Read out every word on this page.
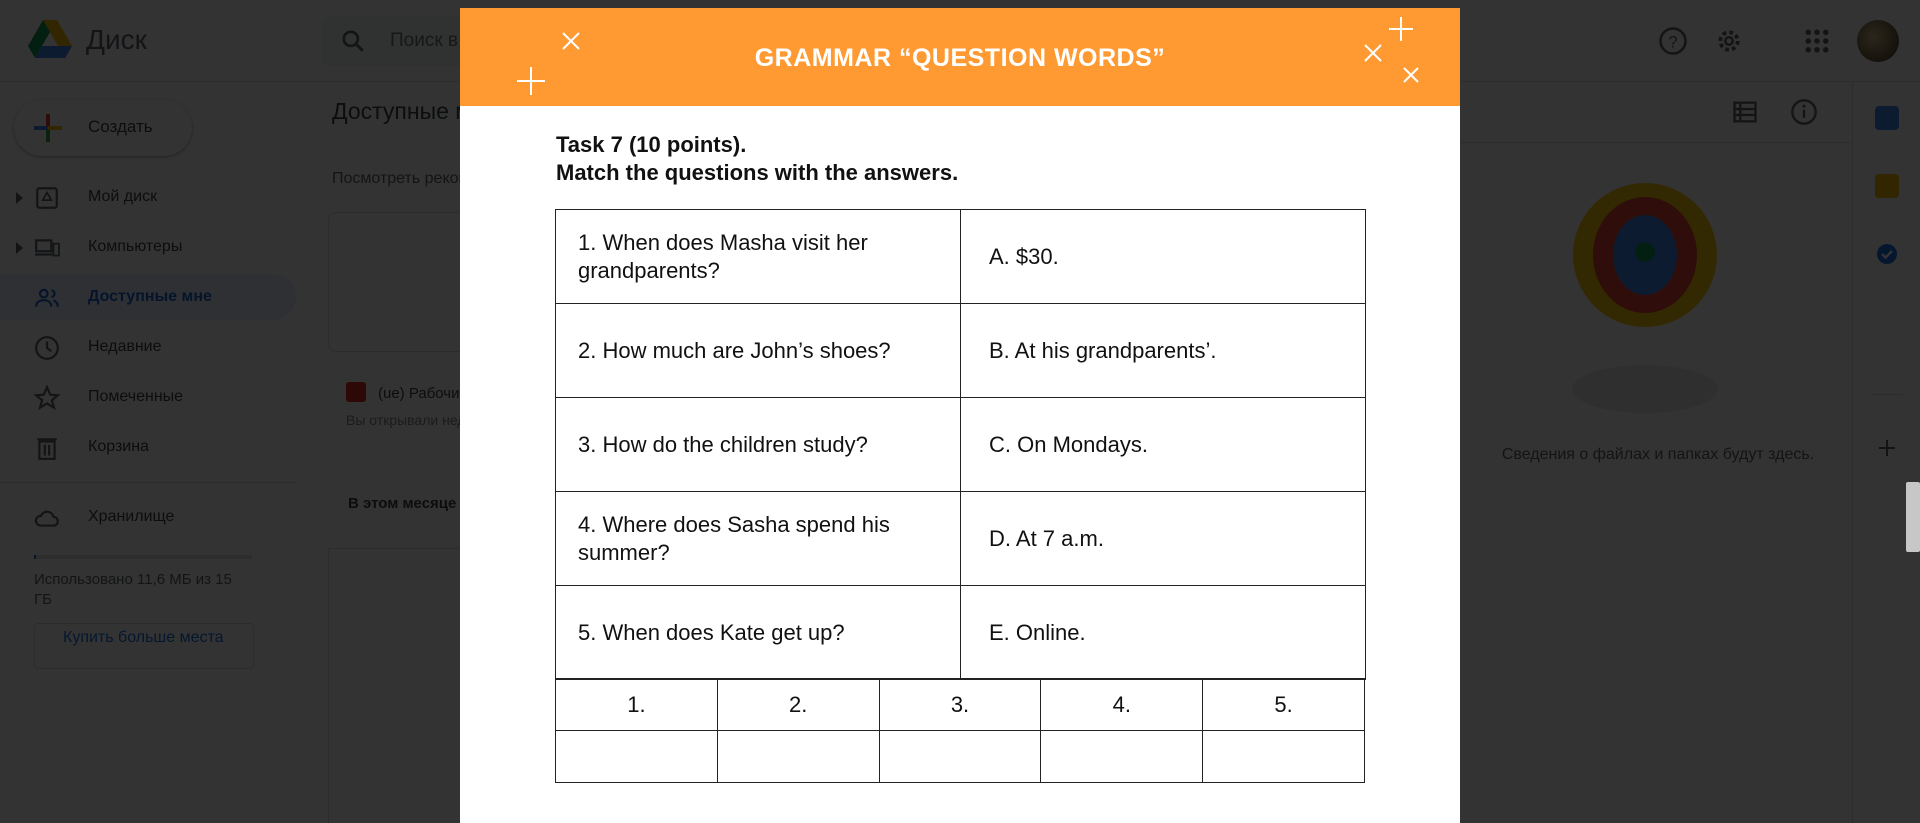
Поиск в Диске
GRAMMAR “QUESTION WORDS”
Task 7 (10 points).
Match the questions with the answers.
1. When does Masha visit her grandparents?	A. $30.
2. How much are John’s shoes?	B. At his grandparents’.
3. How do the children study?	C. On Mondays.
4. Where does Sasha spend his summer?	D. At 7 a.m.
5. When does Kate get up?	E. Online.
1.	2.	3.	4.	5.
